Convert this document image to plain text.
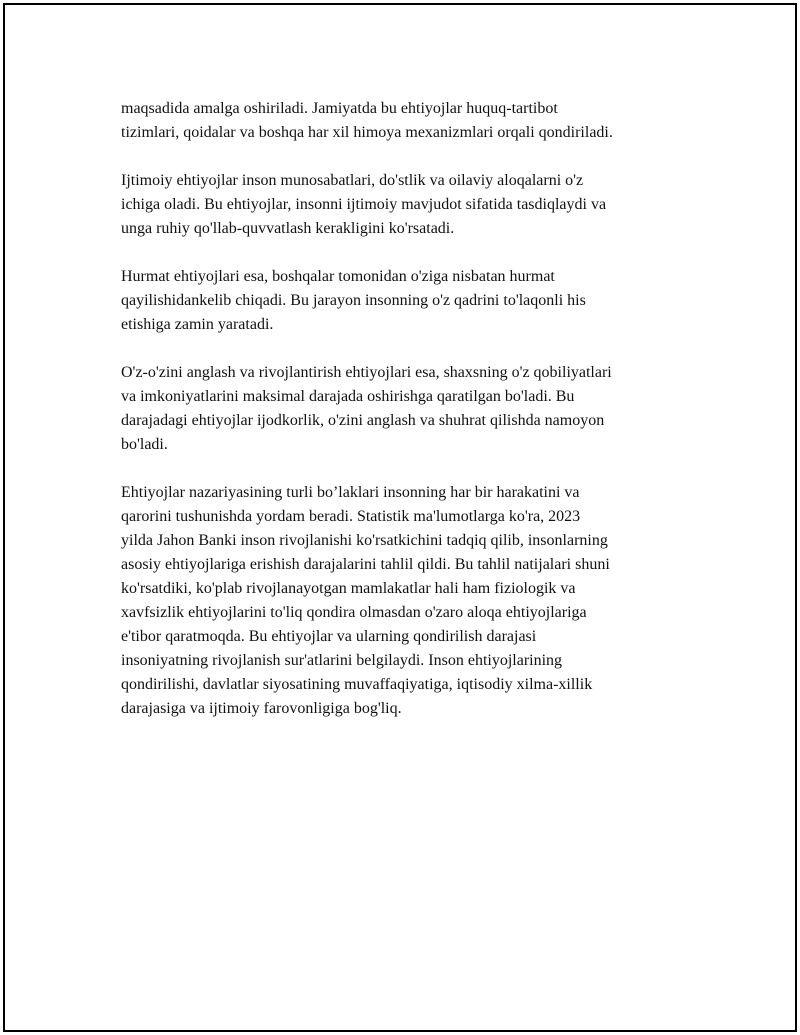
maqsadida amalga oshiriladi. Jamiyatda bu ehtiyojlar huquq-tartibot
tizimlari, qoidalar va boshqa har xil himoya mexanizmlari orqali qondiriladi.

Ijtimoiy ehtiyojlar inson munosabatlari, do'stlik va oilaviy aloqalarni o'z
ichiga oladi. Bu ehtiyojlar, insonni ijtimoiy mavjudot sifatida tasdiqlaydi va
unga ruhiy qo'llab-quvvatlash kerakligini ko'rsatadi.

Hurmat ehtiyojlari esa, boshqalar tomonidan o'ziga nisbatan hurmat
qayilishidankelib chiqadi. Bu jarayon insonning o'z qadrini to'laqonli his
etishiga zamin yaratadi.

O'z-o'zini anglash va rivojlantirish ehtiyojlari esa, shaxsning o'z qobiliyatlari
va imkoniyatlarini maksimal darajada oshirishga qaratilgan bo'ladi. Bu
darajadagi ehtiyojlar ijodkorlik, o'zini anglash va shuhrat qilishda namoyon
bo'ladi.

Ehtiyojlar nazariyasining turli bo’laklari insonning har bir harakatini va
qarorini tushunishda yordam beradi. Statistik ma'lumotlarga ko'ra, 2023
yilda Jahon Banki inson rivojlanishi ko'rsatkichini tadqiq qilib, insonlarning
asosiy ehtiyojlariga erishish darajalarini tahlil qildi. Bu tahlil natijalari shuni
ko'rsatdiki, ko'plab rivojlanayotgan mamlakatlar hali ham fiziologik va
xavfsizlik ehtiyojlarini to'liq qondira olmasdan o'zaro aloqa ehtiyojlariga
e'tibor qaratmoqda. Bu ehtiyojlar va ularning qondirilish darajasi
insoniyatning rivojlanish sur'atlarini belgilaydi. Inson ehtiyojlarining
qondirilishi, davlatlar siyosatining muvaffaqiyatiga, iqtisodiy xilma-xillik
darajasiga va ijtimoiy farovonligiga bog'liq.
